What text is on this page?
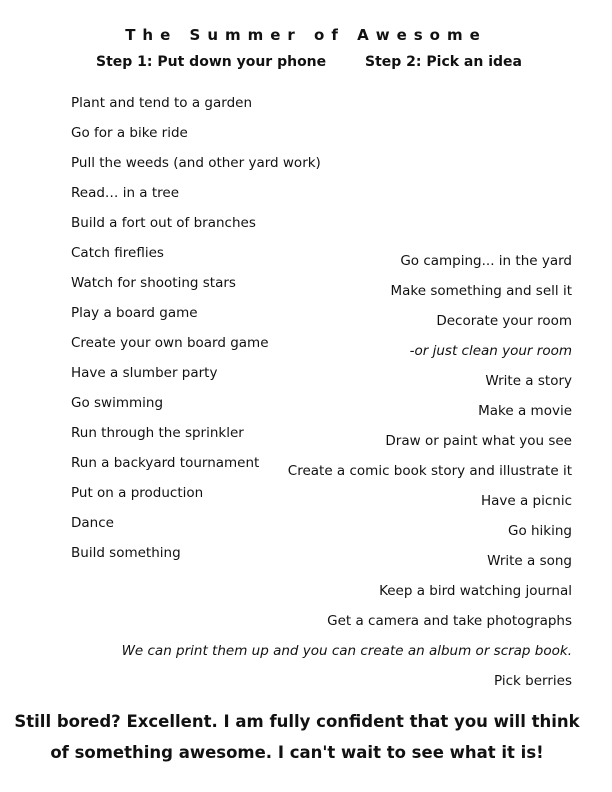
The Summer of Awesome
Step 1: Put down your phone	Step 2: Pick an idea
Plant and tend to a garden
Go for a bike ride
Pull the weeds (and other yard work)
Read… in a tree
Build a fort out of branches
Catch fireflies
Watch for shooting stars
Play a board game
Create your own board game
Have a slumber party
Go swimming
Run through the sprinkler
Run a backyard tournament
Put on a production
Dance
Build something
Go camping... in the yard
Make something and sell it
Decorate your room
-or just clean your room
Write a story
Make a movie
Draw or paint what you see
Create a comic book story and illustrate it
Have a picnic
Go hiking
Write a song
Keep a bird watching journal
Get a camera and take photographs
We can print them up and you can create an album or scrap book.
Pick berries
Still bored? Excellent. I am fully confident that you will think
of something awesome. I can't wait to see what it is!
